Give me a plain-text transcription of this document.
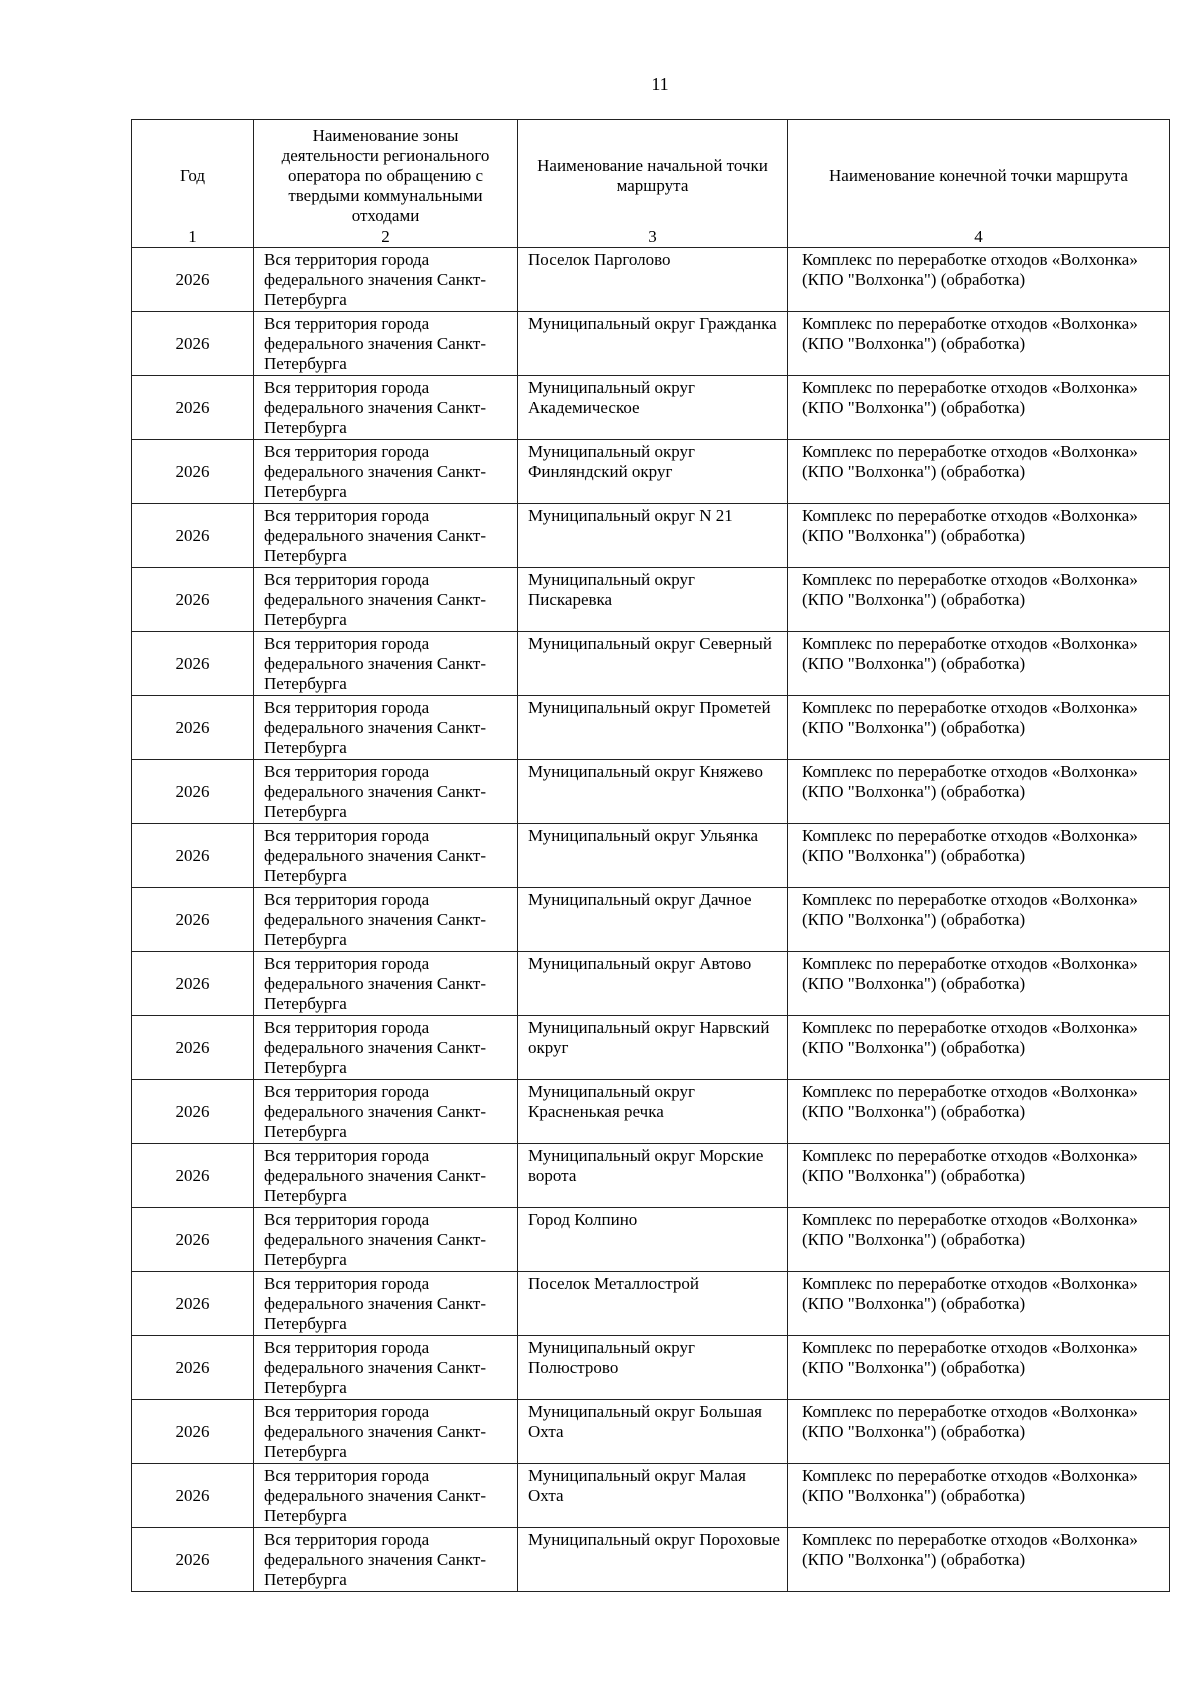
11
Год	Наименование зоны деятельности регионального оператора по обращению с твердыми коммунальными отходами	Наименование начальной точки маршрута	Наименование конечной точки маршрута
1	2	3	4
2026	Вся территория города федерального значения Санкт-Петербурга	Поселок Парголово	Комплекс по переработке отходов «Волхонка» (КПО "Волхонка") (обработка)
2026	Вся территория города федерального значения Санкт-Петербурга	Муниципальный округ Гражданка	Комплекс по переработке отходов «Волхонка» (КПО "Волхонка") (обработка)
2026	Вся территория города федерального значения Санкт-Петербурга	Муниципальный округ Академическое	Комплекс по переработке отходов «Волхонка» (КПО "Волхонка") (обработка)
2026	Вся территория города федерального значения Санкт-Петербурга	Муниципальный округ Финляндский округ	Комплекс по переработке отходов «Волхонка» (КПО "Волхонка") (обработка)
2026	Вся территория города федерального значения Санкт-Петербурга	Муниципальный округ N 21	Комплекс по переработке отходов «Волхонка» (КПО "Волхонка") (обработка)
2026	Вся территория города федерального значения Санкт-Петербурга	Муниципальный округ Пискаревка	Комплекс по переработке отходов «Волхонка» (КПО "Волхонка") (обработка)
2026	Вся территория города федерального значения Санкт-Петербурга	Муниципальный округ Северный	Комплекс по переработке отходов «Волхонка» (КПО "Волхонка") (обработка)
2026	Вся территория города федерального значения Санкт-Петербурга	Муниципальный округ Прометей	Комплекс по переработке отходов «Волхонка» (КПО "Волхонка") (обработка)
2026	Вся территория города федерального значения Санкт-Петербурга	Муниципальный округ Княжево	Комплекс по переработке отходов «Волхонка» (КПО "Волхонка") (обработка)
2026	Вся территория города федерального значения Санкт-Петербурга	Муниципальный округ Ульянка	Комплекс по переработке отходов «Волхонка» (КПО "Волхонка") (обработка)
2026	Вся территория города федерального значения Санкт-Петербурга	Муниципальный округ Дачное	Комплекс по переработке отходов «Волхонка» (КПО "Волхонка") (обработка)
2026	Вся территория города федерального значения Санкт-Петербурга	Муниципальный округ Автово	Комплекс по переработке отходов «Волхонка» (КПО "Волхонка") (обработка)
2026	Вся территория города федерального значения Санкт-Петербурга	Муниципальный округ Нарвский округ	Комплекс по переработке отходов «Волхонка» (КПО "Волхонка") (обработка)
2026	Вся территория города федерального значения Санкт-Петербурга	Муниципальный округ Красненькая речка	Комплекс по переработке отходов «Волхонка» (КПО "Волхонка") (обработка)
2026	Вся территория города федерального значения Санкт-Петербурга	Муниципальный округ Морские ворота	Комплекс по переработке отходов «Волхонка» (КПО "Волхонка") (обработка)
2026	Вся территория города федерального значения Санкт-Петербурга	Город Колпино	Комплекс по переработке отходов «Волхонка» (КПО "Волхонка") (обработка)
2026	Вся территория города федерального значения Санкт-Петербурга	Поселок Металлострой	Комплекс по переработке отходов «Волхонка» (КПО "Волхонка") (обработка)
2026	Вся территория города федерального значения Санкт-Петербурга	Муниципальный округ Полюстрово	Комплекс по переработке отходов «Волхонка» (КПО "Волхонка") (обработка)
2026	Вся территория города федерального значения Санкт-Петербурга	Муниципальный округ Большая Охта	Комплекс по переработке отходов «Волхонка» (КПО "Волхонка") (обработка)
2026	Вся территория города федерального значения Санкт-Петербурга	Муниципальный округ Малая Охта	Комплекс по переработке отходов «Волхонка» (КПО "Волхонка") (обработка)
2026	Вся территория города федерального значения Санкт-Петербурга	Муниципальный округ Пороховые	Комплекс по переработке отходов «Волхонка» (КПО "Волхонка") (обработка)
